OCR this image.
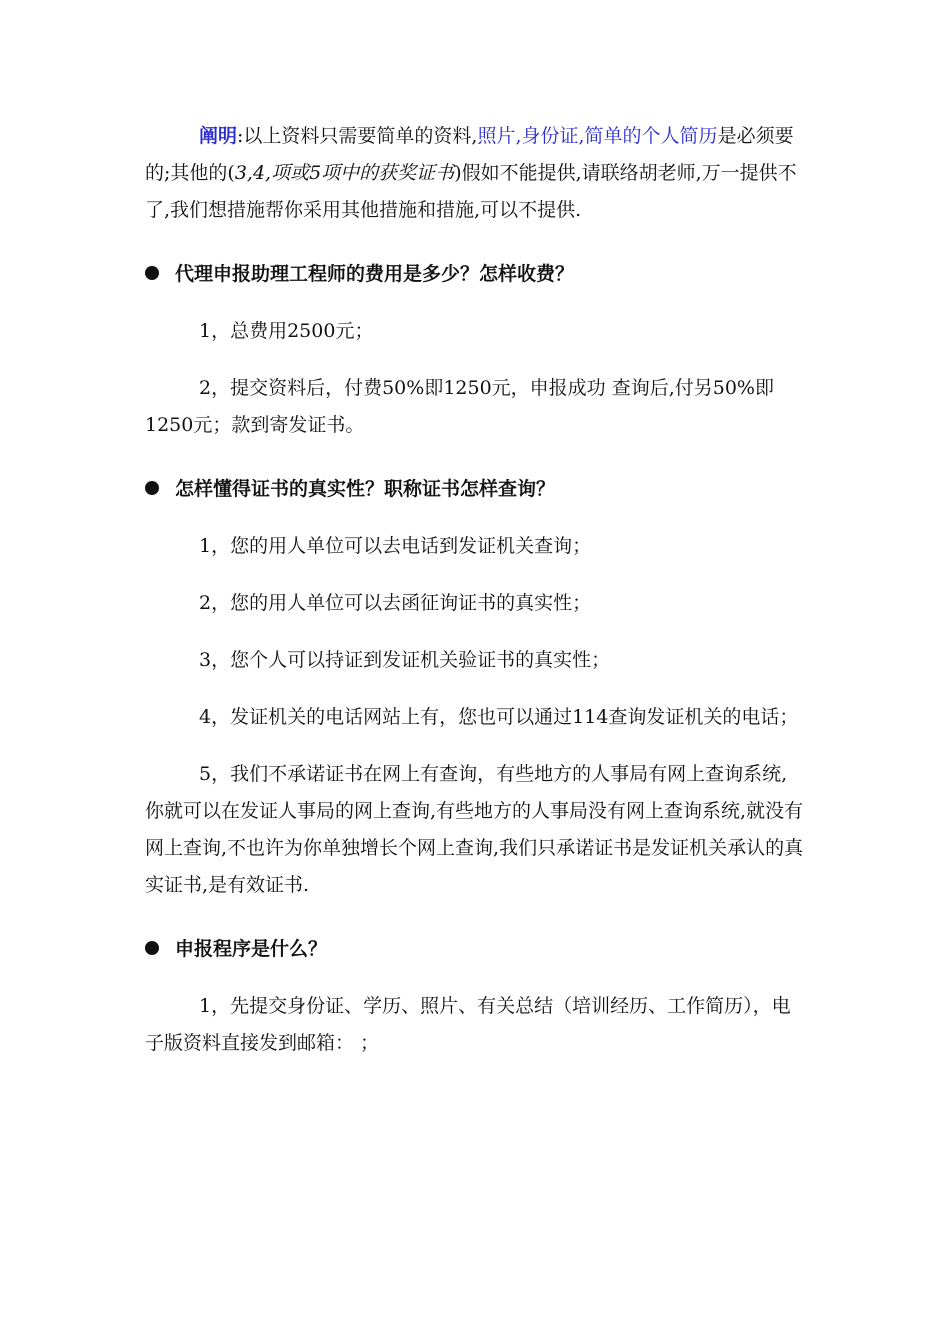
阐明:以上资料只需要简单的资料,照片,身份证,简单的个人简历是必须要的;其他的(3,4,项或5项中的获奖证书)假如不能提供,请联络胡老师,万一提供不了,我们想措施帮你采用其他措施和措施,可以不提供.

代理申报助理工程师的费用是多少？怎样收费？

1，总费用2500元；

2，提交资料后，付费50%即1250元，申报成功 查询后,付另50%即1250元；款到寄发证书。

怎样懂得证书的真实性？职称证书怎样查询？

1，您的用人单位可以去电话到发证机关查询；

2，您的用人单位可以去函征询证书的真实性；

3，您个人可以持证到发证机关验证书的真实性；

4，发证机关的电话网站上有，您也可以通过114查询发证机关的电话；

5，我们不承诺证书在网上有查询，有些地方的人事局有网上查询系统,你就可以在发证人事局的网上查询,有些地方的人事局没有网上查询系统,就没有网上查询,不也许为你单独增长个网上查询,我们只承诺证书是发证机关承认的真实证书,是有效证书.

申报程序是什么？

1，先提交身份证、学历、照片、有关总结（培训经历、工作简历），电子版资料直接发到邮箱： ；
